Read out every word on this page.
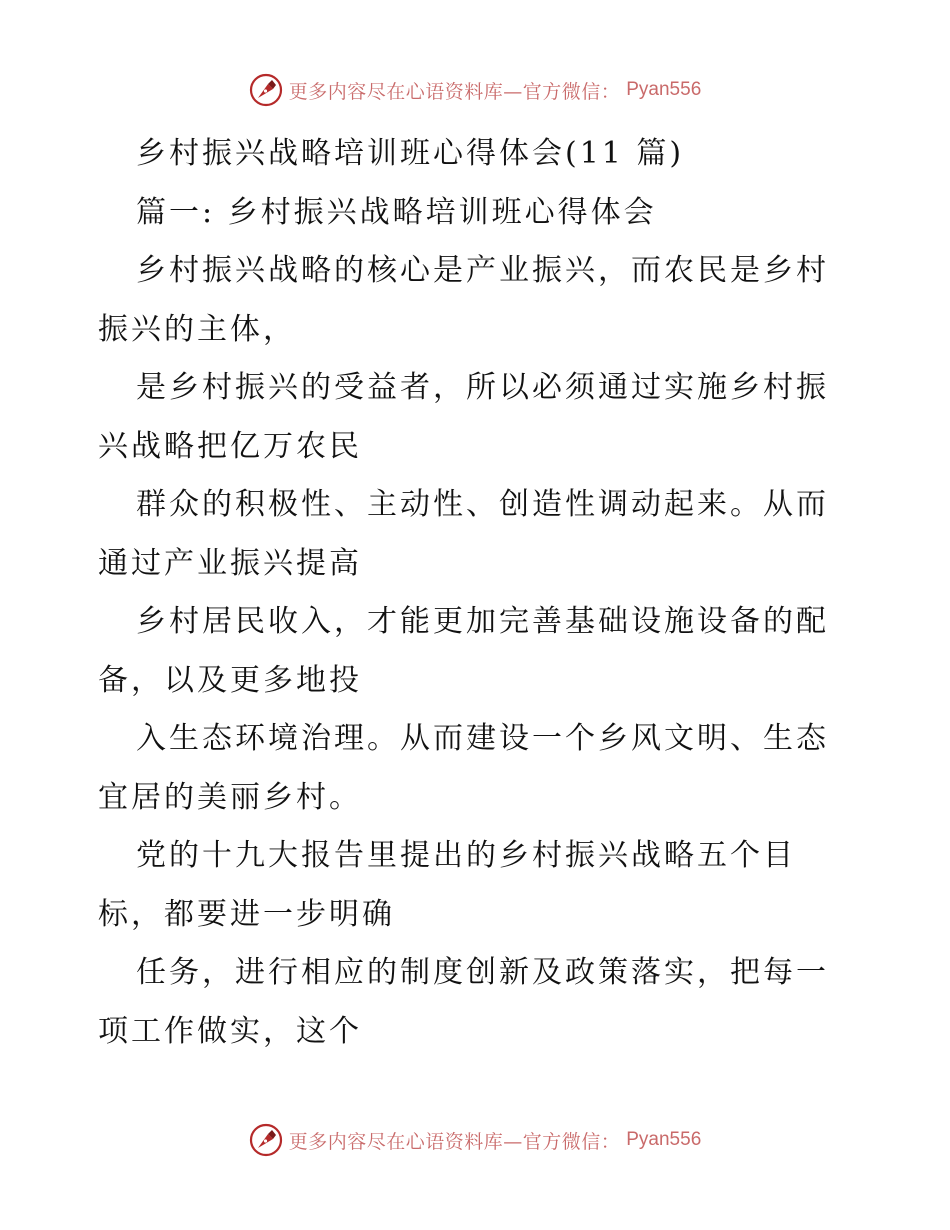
更多内容尽在心语资料库—官方微信： Pyan556
乡村振兴战略培训班心得体会(11 篇)
篇一: 乡村振兴战略培训班心得体会
乡村振兴战略的核心是产业振兴，而农民是乡村
振兴的主体，
是乡村振兴的受益者，所以必须通过实施乡村振
兴战略把亿万农民
群众的积极性、主动性、创造性调动起来。从而
通过产业振兴提高
乡村居民收入，才能更加完善基础设施设备的配
备，以及更多地投
入生态环境治理。从而建设一个乡风文明、生态
宜居的美丽乡村。
党的十九大报告里提出的乡村振兴战略五个目
标，都要进一步明确
任务，进行相应的制度创新及政策落实，把每一
项工作做实，这个
更多内容尽在心语资料库—官方微信： Pyan556
